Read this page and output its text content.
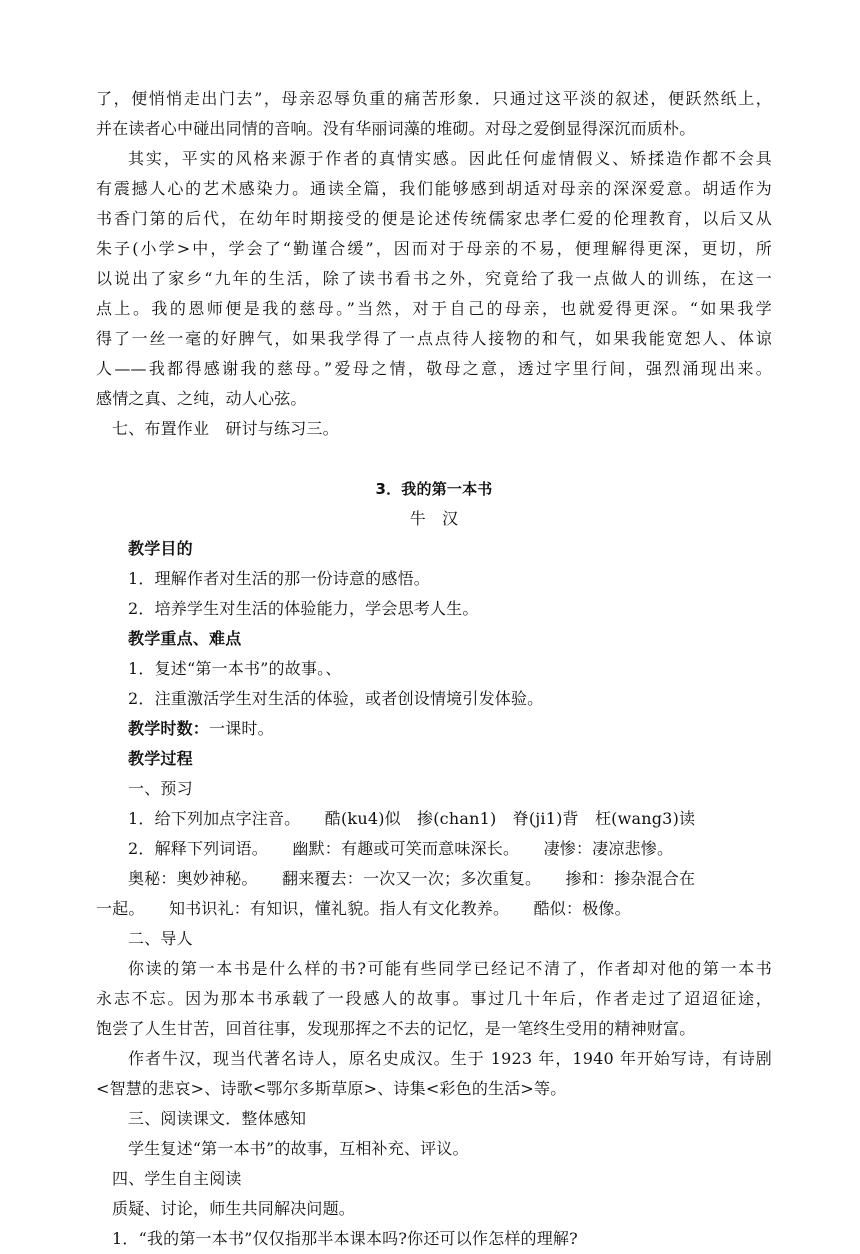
了，便悄悄走出门去”，母亲忍辱负重的痛苦形象．只通过这平淡的叙述，便跃然纸上，
并在读者心中碰出同情的音响。没有华丽词藻的堆砌。对母之爱倒显得深沉而质朴。
其实，平实的风格来源于作者的真情实感。因此任何虚情假义、矫揉造作都不会具
有震撼人心的艺术感染力。通读全篇，我们能够感到胡适对母亲的深深爱意。胡适作为
书香门第的后代，在幼年时期接受的便是论述传统儒家忠孝仁爱的伦理教育，以后又从
朱子(小学>中，学会了“勤谨合缓”，因而对于母亲的不易，便理解得更深，更切，所
以说出了家乡“九年的生活，除了读书看书之外，究竟给了我一点做人的训练，在这一
点上。我的恩师便是我的慈母。”当然，对于自己的母亲，也就爱得更深。“如果我学
得了一丝一毫的好脾气，如果我学得了一点点待人接物的和气，如果我能宽恕人、体谅
人——我都得感谢我的慈母。”爱母之情，敬母之意，透过字里行间，强烈涌现出来。
感情之真、之纯，动人心弦。
七、布置作业　研讨与练习三。
3．我的第一本书
牛　汉
教学目的
1．理解作者对生活的那一份诗意的感悟。
2．培养学生对生活的体验能力，学会思考人生。
教学重点、难点
1．复述“第一本书”的故事。、
2．注重激活学生对生活的体验，或者创设情境引发体验。
教学时数：一课时。
教学过程
一、预习
1．给下列加点字注音。　　酷(ku4)似　掺(chan1)　脊(ji1)背　枉(wang3)读
2．解释下列词语。　　幽默：有趣或可笑而意味深长。　　凄惨：凄凉悲惨。
奥秘：奥妙神秘。　　翻来覆去：一次又一次；多次重复。　　掺和：掺杂混合在
一起。　　知书识礼：有知识，懂礼貌。指人有文化教养。　　酷似：极像。
二、导人
你读的第一本书是什么样的书?可能有些同学已经记不清了，作者却对他的第一本书
永志不忘。因为那本书承载了一段感人的故事。事过几十年后，作者走过了迢迢征途，
饱尝了人生甘苦，回首往事，发现那挥之不去的记忆，是一笔终生受用的精神财富。
作者牛汉，现当代著名诗人，原名史成汉。生于 1923 年，1940 年开始写诗，有诗剧
<智慧的悲哀>、诗歌<鄂尔多斯草原>、诗集<彩色的生活>等。
三、阅读课文．整体感知
学生复述“第一本书”的故事，互相补充、评议。
四、学生自主阅读
质疑、讨论，师生共同解决问题。
1．“我的第一本书”仅仅指那半本课本吗?你还可以作怎样的理解?
